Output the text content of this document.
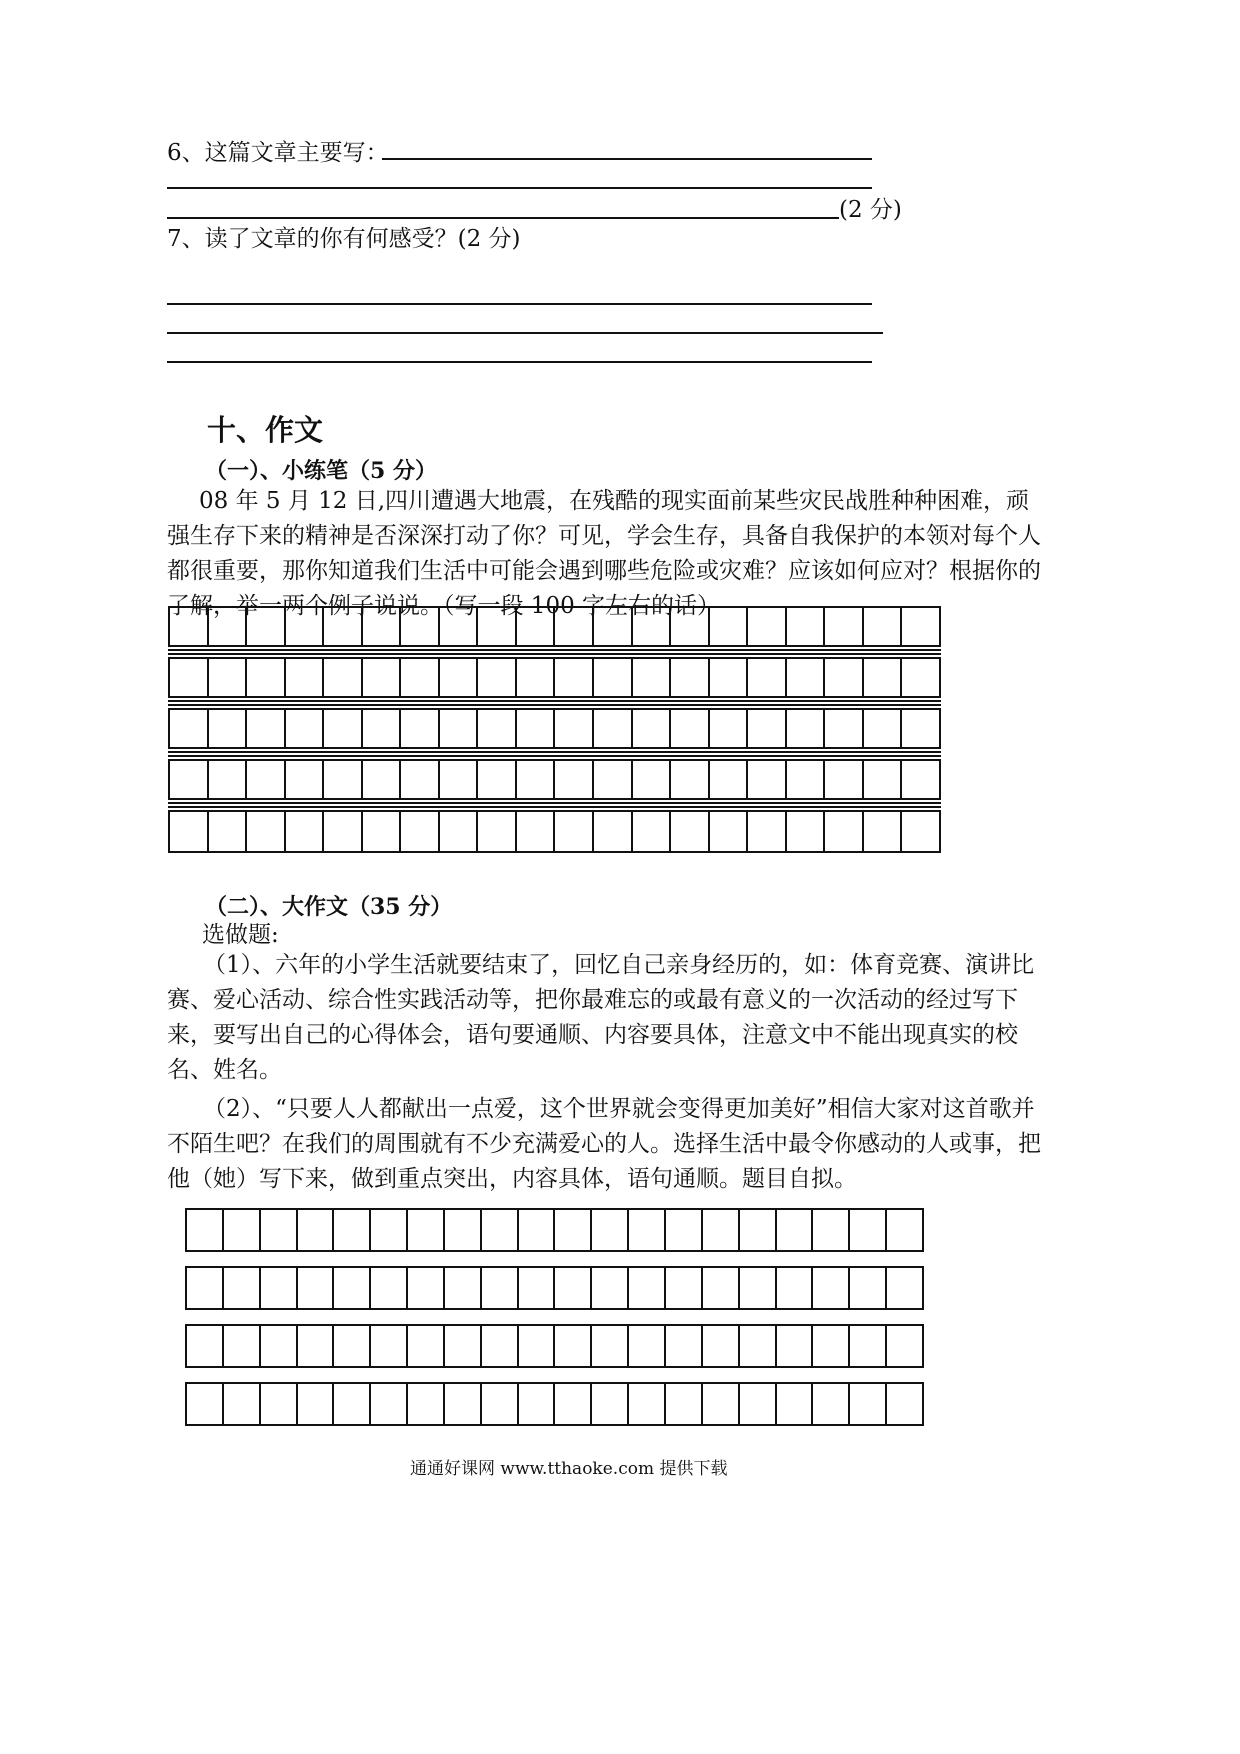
6、这篇文章主要写：
(2 分)
7、读了文章的你有何感受？(2 分)
十、作文
（一）、小练笔（5 分）
08 年 5 月 12 日,四川遭遇大地震，在残酷的现实面前某些灾民战胜种种困难，顽强生存下来的精神是否深深打动了你？可见，学会生存，具备自我保护的本领对每个人都很重要，那你知道我们生活中可能会遇到哪些危险或灾难？应该如何应对？根据你的了解，举一两个例子说说。（写一段 100 字左右的话）
（二）、大作文（35 分）
选做题:
（1）、六年的小学生活就要结束了，回忆自己亲身经历的，如：体育竞赛、演讲比赛、爱心活动、综合性实践活动等，把你最难忘的或最有意义的一次活动的经过写下来，要写出自己的心得体会，语句要通顺、内容要具体，注意文中不能出现真实的校名、姓名。
（2）、“只要人人都献出一点爱，这个世界就会变得更加美好”相信大家对这首歌并不陌生吧？在我们的周围就有不少充满爱心的人。选择生活中最令你感动的人或事，把他（她）写下来，做到重点突出，内容具体，语句通顺。题目自拟。
通通好课网 www.tthaoke.com 提供下载
